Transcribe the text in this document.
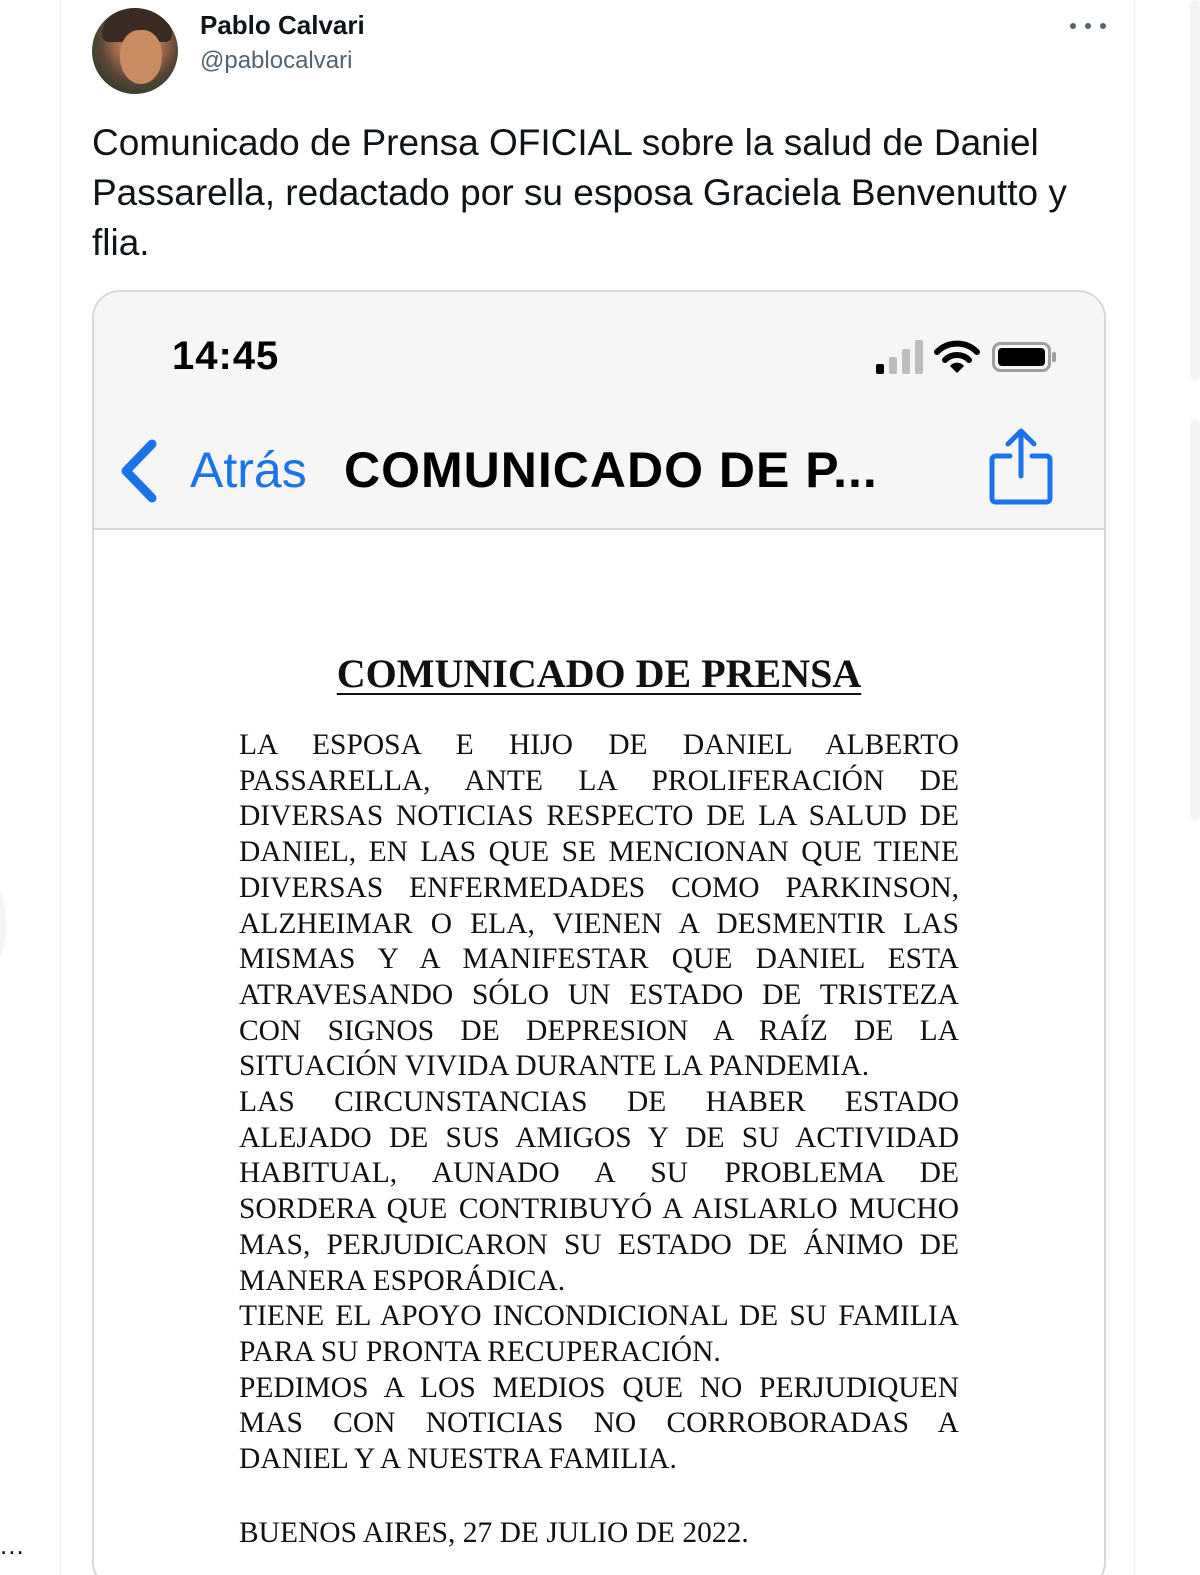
...
Pablo Calvari
@pablocalvari
Comunicado de Prensa OFICIAL sobre la salud de Daniel Passarella, redactado por su esposa Graciela Benvenutto y flia.
14:45
Atrás COMUNICADO DE P...
COMUNICADO DE PRENSA

LA ESPOSA E HIJO DE DANIEL ALBERTO PASSARELLA, ANTE LA PROLIFERACIÓN DE DIVERSAS NOTICIAS RESPECTO DE LA SALUD DE DANIEL, EN LAS QUE SE MENCIONAN QUE TIENE DIVERSAS ENFERMEDADES COMO PARKINSON, ALZHEIMAR O ELA, VIENEN A DESMENTIR LAS MISMAS Y A MANIFESTAR QUE DANIEL ESTA ATRAVESANDO SÓLO UN ESTADO DE TRISTEZA CON SIGNOS DE DEPRESION A RAÍZ DE LA SITUACIÓN VIVIDA DURANTE LA PANDEMIA.

LAS CIRCUNSTANCIAS DE HABER ESTADO ALEJADO DE SUS AMIGOS Y DE SU ACTIVIDAD HABITUAL, AUNADO A SU PROBLEMA DE SORDERA QUE CONTRIBUYÓ A AISLARLO MUCHO MAS, PERJUDICARON SU ESTADO DE ÁNIMO DE MANERA ESPORÁDICA.

TIENE EL APOYO INCONDICIONAL DE SU FAMILIA PARA SU PRONTA RECUPERACIÓN.

PEDIMOS A LOS MEDIOS QUE NO PERJUDIQUEN MAS CON NOTICIAS NO CORROBORADAS A DANIEL Y A NUESTRA FAMILIA.

BUENOS AIRES, 27 DE JULIO DE 2022.
